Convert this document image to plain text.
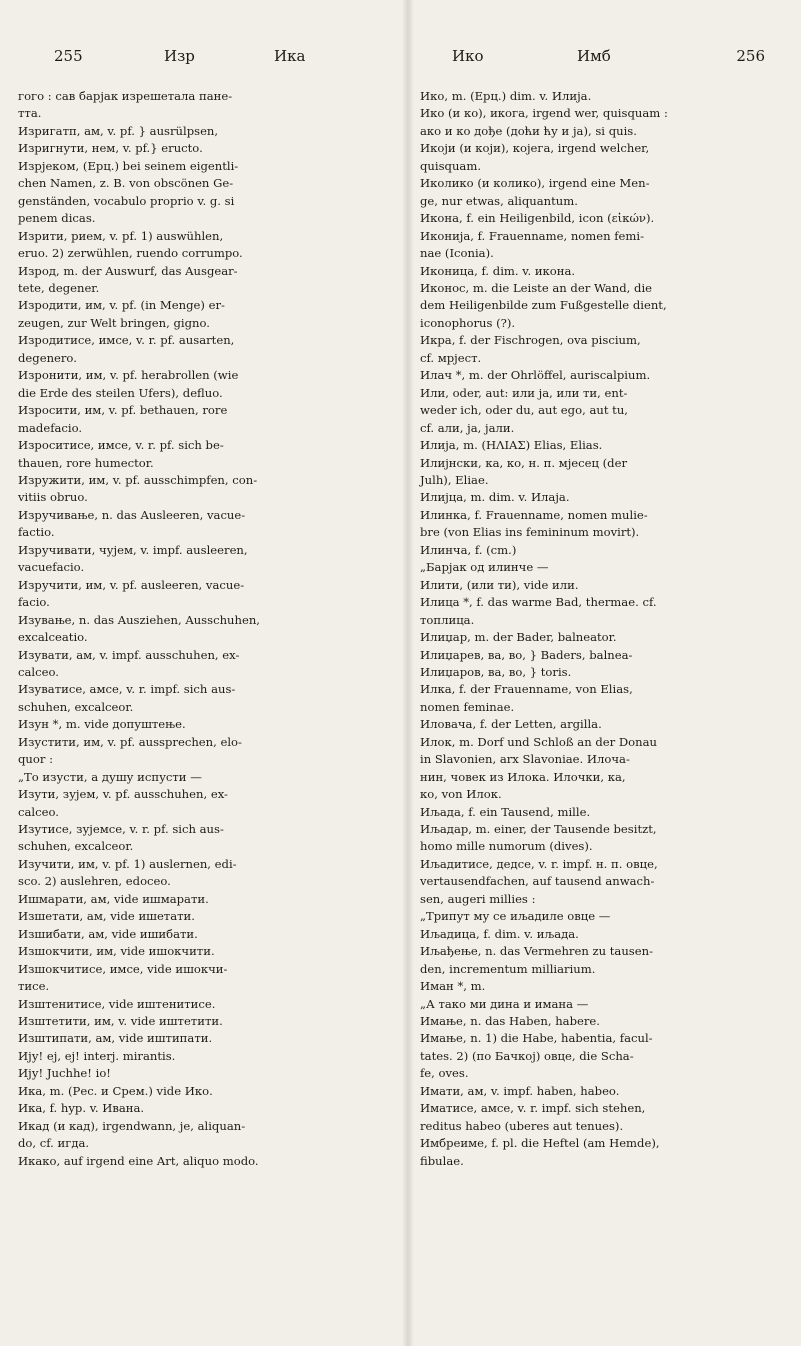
255	Изр	Ика	Ико	Имб	256
гого : сав барјак изрешетала пане-
тта.
Изригатп, ам, v. pf. } ausrülpsen,
Изригнути, нем, v. pf.} eructo.
Изрјеком, (Ерц.) bei seinem eigentli-
chen Namen, z. B. von obscönen Ge-
genständen, vocabulo proprio v. g. si
penem dicas.
Изрити, рием, v. pf. 1) auswühlen,
eruo. 2) zerwühlen, ruendo corrumpo.
Изрод, m. der Auswurf, das Ausgear-
tete, degener.
Изродити, им, v. pf. (in Menge) er-
zeugen, zur Welt bringen, gigno.
Изродитисе, имсе, v. r. pf. ausarten,
degenero.
Изронити, им, v. pf. herabrollen (wie
die Erde des steilen Ufers), defluo.
Изросити, им, v. pf. bethauen, rore
madefacio.
Изроситисе, имсе, v. r. pf. sich be-
thauen, rore humector.
Изружити, им, v. pf. ausschimpfen, con-
vitiis obruo.
Изручивање, n. das Ausleeren, vacue-
factio.
Изручивати, чујем, v. impf. ausleeren,
vacuefacio.
Изручити, им, v. pf. ausleeren, vacue-
facio.
Изување, n. das Ausziehen, Ausschuhen,
excalceatio.
Изувати, ам, v. impf. ausschuhen, ex-
calceo.
Изуватисе, амсе, v. r. impf. sich aus-
schuhen, excalceor.
Изун *, m. vide допуштење.
Изустити, им, v. pf. aussprechen, elo-
quor :
„То изусти, а душу испусти —
Изути, зујем, v. pf. ausschuhen, ex-
calceo.
Изутисе, зујемсе, v. r. pf. sich aus-
schuhen, excalceor.
Изучити, им, v. pf. 1) auslernen, edi-
sco. 2) auslehren, edoceo.
Ишмарати, ам, vide ишмарати.
Изшетати, ам, vide ишетати.
Изшибати, ам, vide ишибати.
Изшокчити, им, vide ишокчити.
Изшокчитисе, имсе, vide ишокчи-
тисе.
Изштенитисе, vide иштенитисе.
Изштетити, им, v. vide иштетити.
Изштипати, ам, vide иштипати.
Ију! еј, еј! interj. mirantis.
Ију! Juchhe! io!
Ика, m. (Рес. и Срем.) vide Ико.
Ика, f. hyp. v. Ивана.
Икад (и кад), irgendwann, je, aliquan-
do, cf. игда.
Икако, auf irgend eine Art, aliquo modo.
Ико, m. (Ерц.) dim. v. Илија.
Ико (и ко), икога, irgend wer, quisquam :
ако и ко дође (доћи ћу и ја), si quis.
Икоји (и који), којега, irgend welcher,
quisquam.
Иколико (и колико), irgend eine Men-
ge, nur etwas, aliquantum.
Икона, f. ein Heiligenbild, icon (εἰκών).
Иконија, f. Frauenname, nomen femi-
nae (Iconia).
Иконица, f. dim. v. икона.
Иконос, m. die Leiste an der Wand, die
dem Heiligenbilde zum Fußgestelle dient,
iconophorus (?).
Икра, f. der Fischrogen, ova piscium,
cf. мрјест.
Илач *, m. der Ohrlöffel, auriscalpium.
Или, oder, aut: или ја, или ти, ent-
weder ich, oder du, aut ego, aut tu,
cf. али, ја, јали.
Илија, m. (ΗΛΙΑΣ) Elias, Elias.
Илијнски, ка, ко, н. п. мјесец (der
Julh), Eliae.
Илијца, m. dim. v. Илаја.
Илинка, f. Frauenname, nomen mulie-
bre (von Elias ins femininum movirt).
Илинча, f. (cm.)
„Барјак од илинче —
Илити, (или ти), vide или.
Илица *, f. das warme Bad, thermae. cf.
топлица.
Илиџар, m. der Bader, balneator.
Илиџарев, ва, во, } Baders, balnea-
Илиџаров, ва, во, } toris.
Илка, f. der Frauenname, von Elias,
nomen feminae.
Иловача, f. der Letten, argilla.
Илок, m. Dorf und Schloß an der Donau
in Slavonien, arx Slavoniae. Илоча-
нин, човек из Илока. Илочки, ка,
ко, von Илок.
Иљада, f. ein Tausend, mille.
Иљадар, m. einer, der Tausende besitzt,
homo mille numorum (dives).
Иљадитисе, дедсе, v. r. impf. н. п. овце,
vertausendfachen, auf tausend anwach-
sen, augeri millies :
„Трипут му се иљадиле овце —
Иљадица, f. dim. v. иљада.
Иљађење, n. das Vermehren zu tausen-
den, incrementum milliarium.
Иман *, m.
„А тако ми дина и имана —
Имање, n. das Haben, habere.
Имање, n. 1) die Habe, habentia, facul-
tates. 2) (по Бачкој) овце, die Scha-
fe, oves.
Имати, ам, v. impf. haben, habeo.
Иматисе, амсе, v. r. impf. sich stehen,
reditus habeo (uberes aut tenues).
Имбреиме, f. pl. die Heftel (am Hemde),
fibulae.
